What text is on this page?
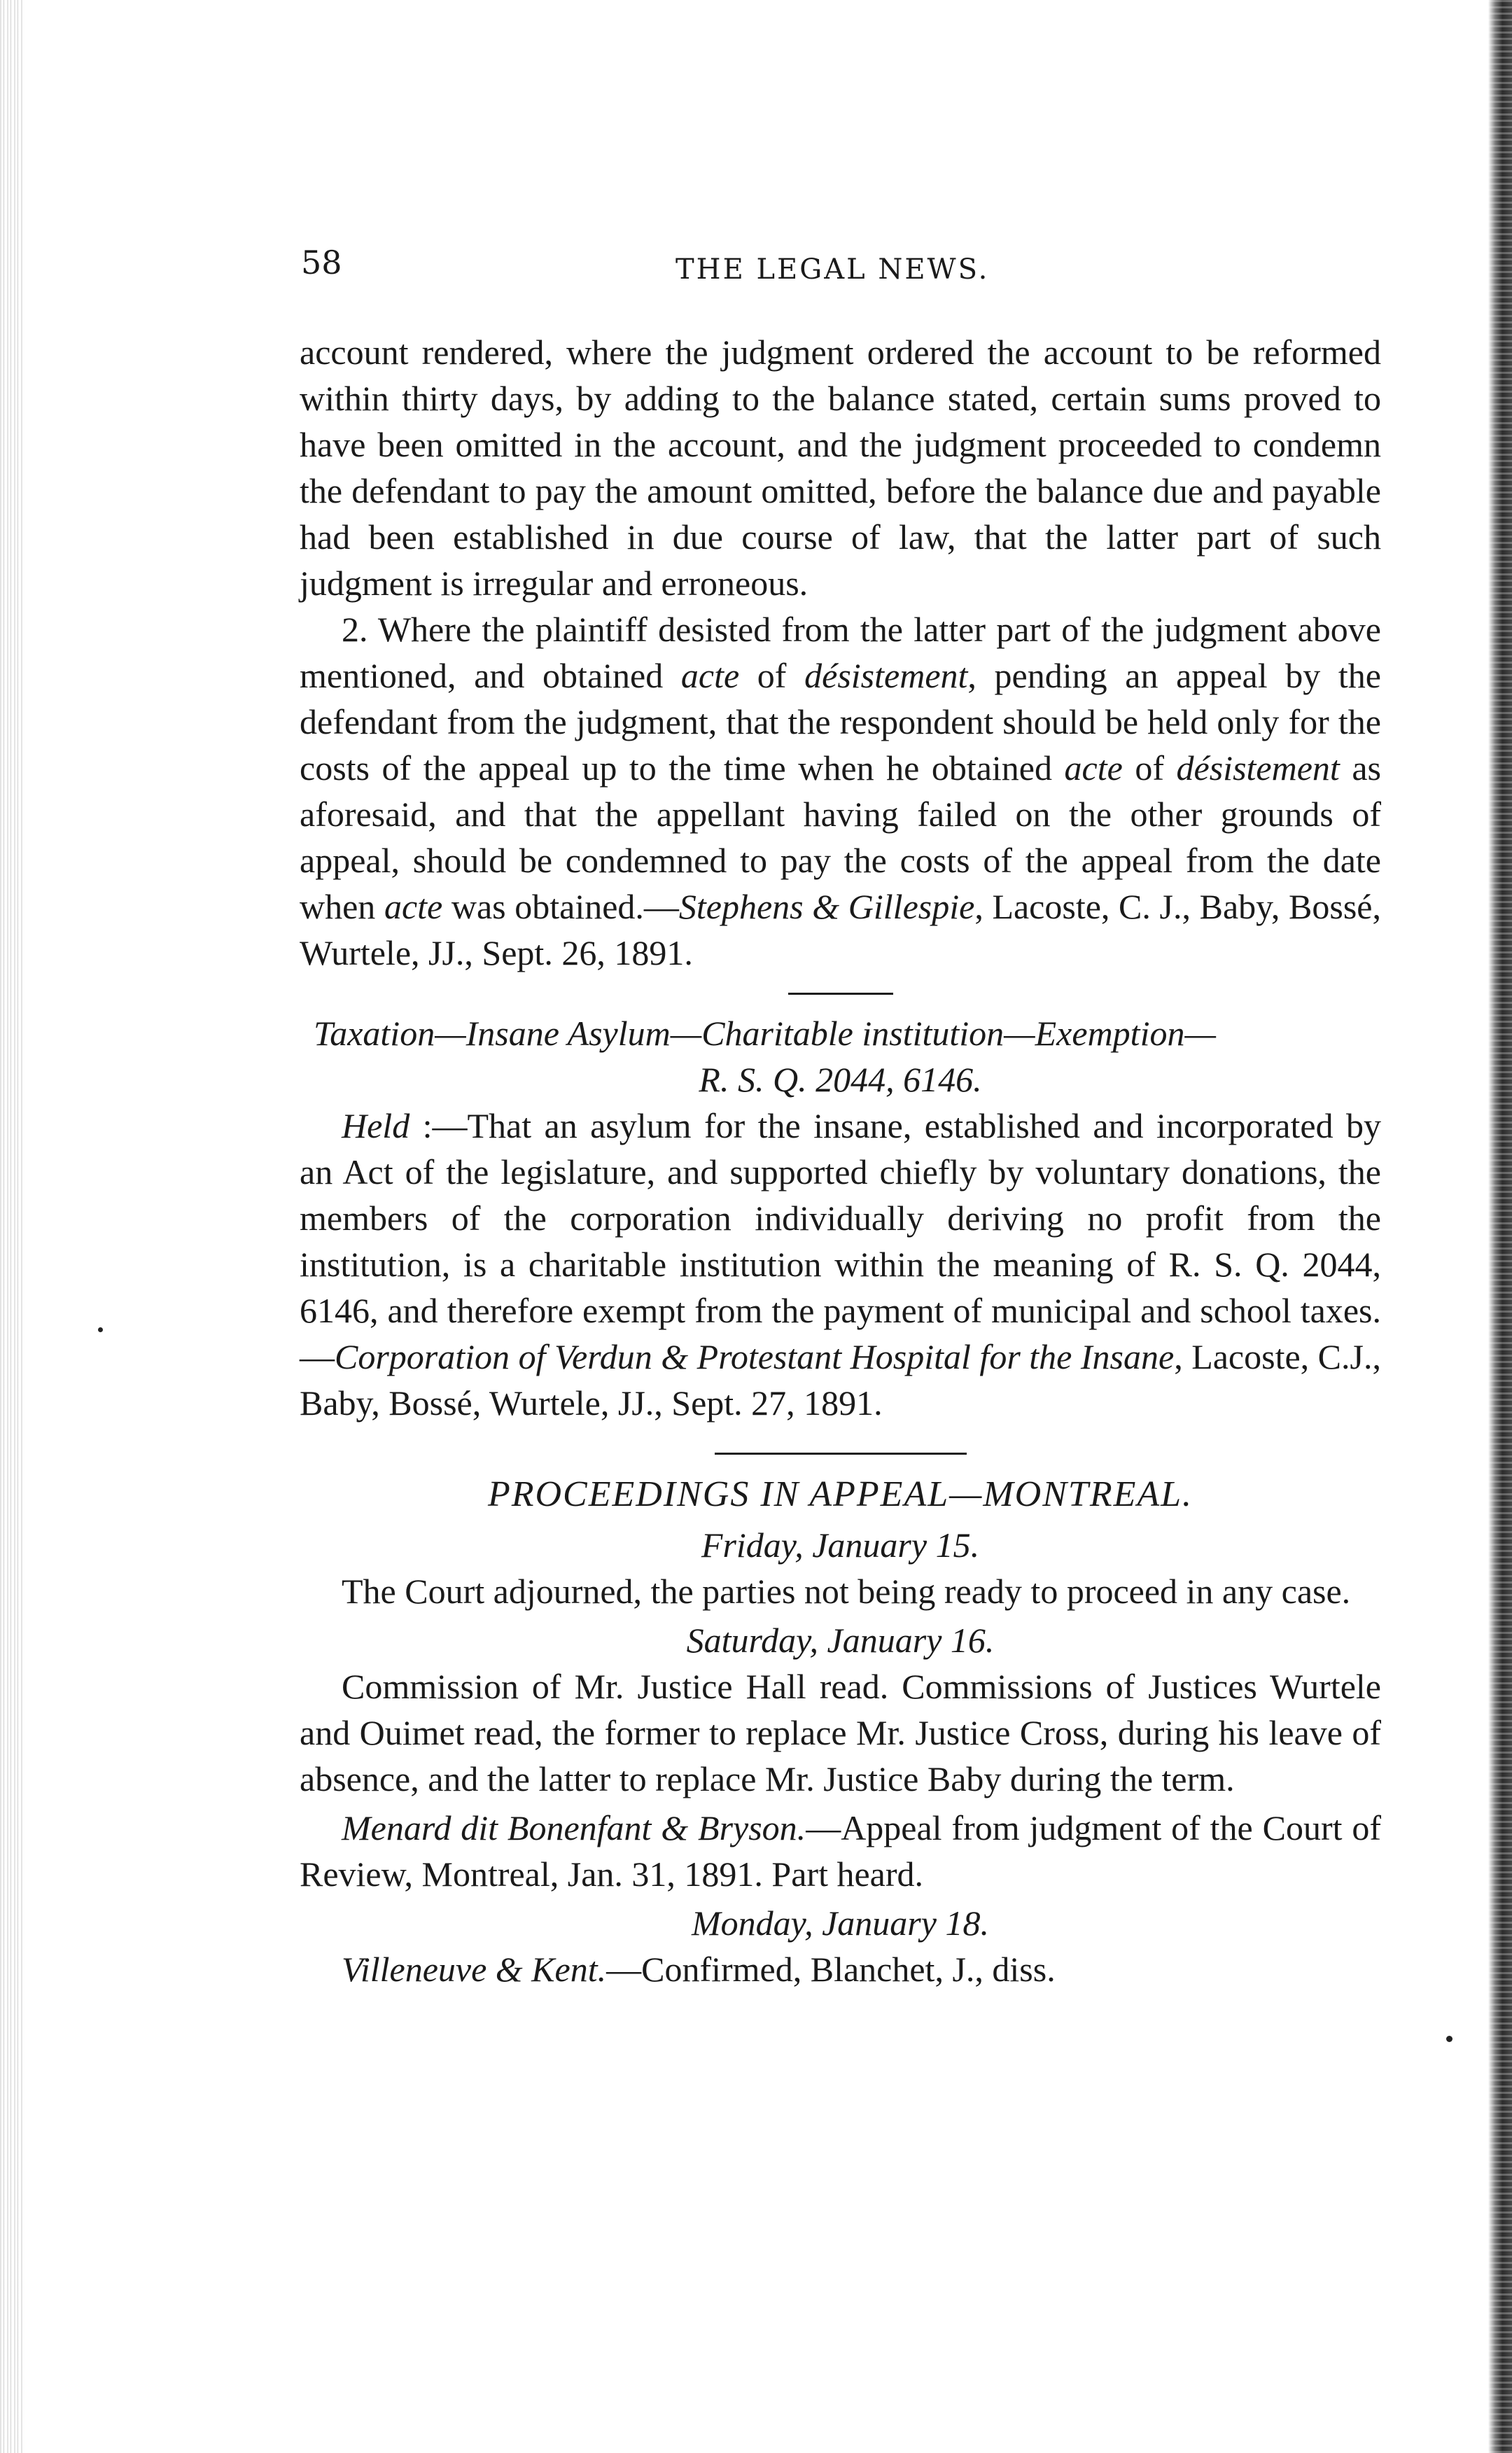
58	THE LEGAL NEWS.

account rendered, where the judgment ordered the account to be reformed within thirty days, by adding to the balance stated, certain sums proved to have been omitted in the account, and the judgment proceeded to condemn the defendant to pay the amount omitted, before the balance due and payable had been established in due course of law, that the latter part of such judgment is irregular and erroneous.

2. Where the plaintiff desisted from the latter part of the judgment above mentioned, and obtained acte of désistement, pending an appeal by the defendant from the judgment, that the respondent should be held only for the costs of the appeal up to the time when he obtained acte of désistement as aforesaid, and that the appellant having failed on the other grounds of appeal, should be condemned to pay the costs of the appeal from the date when acte was obtained.—Stephens & Gillespie, Lacoste, C. J., Baby, Bossé, Wurtele, JJ., Sept. 26, 1891.

Taxation—Insane Asylum—Charitable institution—Exemption—

R. S. Q. 2044, 6146.

Held :—That an asylum for the insane, established and incorporated by an Act of the legislature, and supported chiefly by voluntary donations, the members of the corporation individually deriving no profit from the institution, is a charitable institution within the meaning of R. S. Q. 2044, 6146, and therefore exempt from the payment of municipal and school taxes.—Corporation of Verdun & Protestant Hospital for the Insane, Lacoste, C.J., Baby, Bossé, Wurtele, JJ., Sept. 27, 1891.

PROCEEDINGS IN APPEAL—MONTREAL.

Friday, January 15.

The Court adjourned, the parties not being ready to proceed in any case.

Saturday, January 16.

Commission of Mr. Justice Hall read. Commissions of Justices Wurtele and Ouimet read, the former to replace Mr. Justice Cross, during his leave of absence, and the latter to replace Mr. Justice Baby during the term.

Menard dit Bonenfant & Bryson.—Appeal from judgment of the Court of Review, Montreal, Jan. 31, 1891. Part heard.

Monday, January 18.

Villeneuve & Kent.—Confirmed, Blanchet, J., diss.
